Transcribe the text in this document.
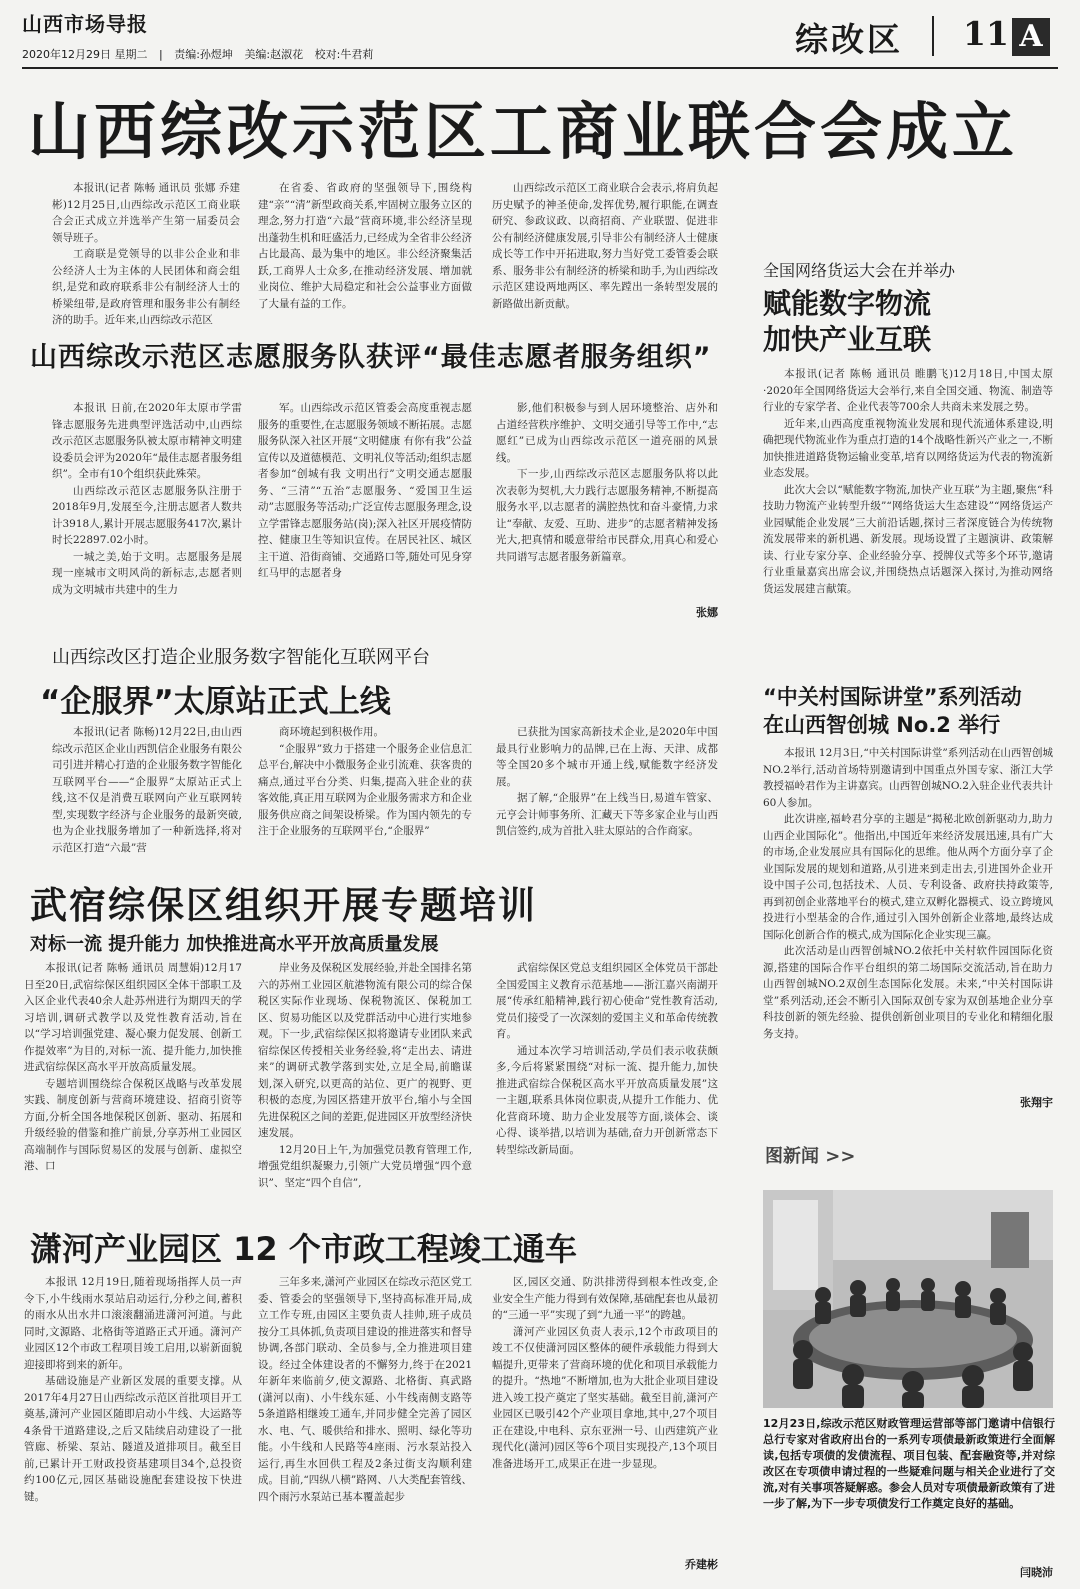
山西市场导报
2020年12月29日 星期二 | 责编:孙煜坤 美编:赵淑花 校对:牛君莉	综改区 11 A
山西综改示范区工商业联合会成立

本报讯(记者 陈畅 通讯员 张娜 乔建彬)12月25日,山西综改示范区工商业联合会正式成立并选举产生第一届委员会领导班子。

工商联是党领导的以非公企业和非公经济人士为主体的人民团体和商会组织,是党和政府联系非公有制经济人士的桥梁纽带,是政府管理和服务非公有制经济的助手。近年来,山西综改示范区

在省委、省政府的坚强领导下,围绕构建“亲”“清”新型政商关系,牢固树立服务立区的理念,努力打造“六最”营商环境,非公经济呈现出蓬勃生机和旺盛活力,已经成为全省非公经济占比最高、最为集中的地区。非公经济聚集活跃,工商界人士众多,在推动经济发展、增加就业岗位、维护大局稳定和社会公益事业方面做了大量有益的工作。

山西综改示范区工商业联合会表示,将肩负起历史赋予的神圣使命,发挥优势,履行职能,在调查研究、参政议政、以商招商、产业联盟、促进非公有制经济健康发展,引导非公有制经济人士健康成长等工作中开拓进取,努力当好党工委管委会联系、服务非公有制经济的桥梁和助手,为山西综改示范区建设两地两区、率先蹚出一条转型发展的新路做出新贡献。

山西综改示范区志愿服务队获评“最佳志愿者服务组织”

本报讯 日前,在2020年太原市学雷锋志愿服务先进典型评选活动中,山西综改示范区志愿服务队被太原市精神文明建设委员会评为2020年“最佳志愿者服务组织”。全市有10个组织获此殊荣。

山西综改示范区志愿服务队注册于2018年9月,发展至今,注册志愿者人数共计3918人,累计开展志愿服务417次,累计时长22897.02小时。

一城之美,始于文明。志愿服务是展现一座城市文明风尚的新标志,志愿者则成为文明城市共建中的生力

军。山西综改示范区管委会高度重视志愿服务的重要性,在志愿服务领域不断拓展。志愿服务队深入社区开展“文明健康 有你有我”公益宣传以及道德模范、文明礼仪等活动;组织志愿者参加“创城有我 文明出行”文明交通志愿服务、“三清”“五治”志愿服务、“爱国卫生运动”志愿服务等活动;广泛宣传志愿服务理念,设立学雷锋志愿服务站(岗);深入社区开展疫情防控、健康卫生等知识宣传。在居民社区、城区主干道、沿街商铺、交通路口等,随处可见身穿红马甲的志愿者身

影,他们积极参与到人居环境整治、店外和占道经营秩序维护、文明交通引导等工作中,“志愿红”已成为山西综改示范区一道亮丽的风景线。

下一步,山西综改示范区志愿服务队将以此次表彰为契机,大力践行志愿服务精神,不断提高服务水平,以志愿者的满腔热忱和奋斗豪情,力求让“奉献、友爱、互助、进步”的志愿者精神发扬光大,把真情和暖意带给市民群众,用真心和爱心共同谱写志愿者服务新篇章。

张娜
山西综改区打造企业服务数字智能化互联网平台
“企服界”太原站正式上线

本报讯(记者 陈畅)12月22日,由山西综改示范区企业山西凯信企业服务有限公司引进并精心打造的企业服务数字智能化互联网平台——“企服界”太原站正式上线,这不仅是消费互联网向产业互联网转型,实现数字经济与企业服务的最新突破,也为企业找服务增加了一种新选择,将对示范区打造“六最”营

商环境起到积极作用。

“企服界”致力于搭建一个服务企业信息汇总平台,解决中小微服务企业引流难、获客贵的痛点,通过平台分类、归集,提高入驻企业的获客效能,真正用互联网为企业服务需求方和企业服务供应商之间架设桥梁。作为国内领先的专注于企业服务的互联网平台,“企服界”

已获批为国家高新技术企业,是2020年中国最具行业影响力的品牌,已在上海、天津、成都等全国20多个城市开通上线,赋能数字经济发展。

据了解,“企服界”在上线当日,易道车管家、元亨会计师事务所、汇藏天下等多家企业与山西凯信签约,成为首批入驻太原站的合作商家。

武宿综保区组织开展专题培训
对标一流 提升能力 加快推进高水平开放高质量发展

本报讯(记者 陈畅 通讯员 周慧娟)12月17日至20日,武宿综保区组织园区全体干部职工及入区企业代表40余人赴苏州进行为期四天的学习培训,调研式教学以及党性教育活动,旨在以“学习培训强党建、凝心聚力促发展、创新工作提效率”为目的,对标一流、提升能力,加快推进武宿综保区高水平开放高质量发展。

专题培训围绕综合保税区战略与改革发展实践、制度创新与营商环境建设、招商引资等方面,分析全国各地保税区创新、驱动、拓展和升级经验的借鉴和推广前景,分享苏州工业园区高端制作与国际贸易区的发展与创新、虚拟空港、口

岸业务及保税区发展经验,并赴全国排名第六的苏州工业园区航港物流有限公司的综合保税区实际作业现场、保税物流区、保税加工区、贸易功能区以及党群活动中心进行实地参观。下一步,武宿综保区拟将邀请专业团队来武宿综保区传授相关业务经验,将“走出去、请进来”的调研式教学落到实处,立足全局,前瞻谋划,深入研究,以更高的站位、更广的视野、更积极的态度,为园区搭建开放平台,缩小与全国先进保税区之间的差距,促进园区开放型经济快速发展。

12月20日上午,为加强党员教育管理工作,增强党组织凝聚力,引领广大党员增强“四个意识”、坚定“四个自信”,

武宿综保区党总支组织园区全体党员干部赴全国爱国主义教育示范基地——浙江嘉兴南湖开展“传承红船精神,践行初心使命”党性教育活动,党员们接受了一次深刻的爱国主义和革命传统教育。

通过本次学习培训活动,学员们表示收获颇多,今后将紧紧围绕“对标一流、提升能力,加快推进武宿综合保税区高水平开放高质量发展”这一主题,联系具体岗位职责,从提升工作能力、优化营商环境、助力企业发展等方面,谈体会、谈心得、谈举措,以培训为基础,奋力开创新常态下转型综改新局面。

潇河产业园区 12 个市政工程竣工通车

本报讯 12月19日,随着现场指挥人员一声令下,小牛线雨水泵站启动运行,分秒之间,蓄积的雨水从出水井口滚滚翻涌进潇河河道。与此同时,文源路、北格街等道路正式开通。潇河产业园区12个市政工程项目竣工启用,以崭新面貌迎接即将到来的新年。

基础设施是产业新区发展的重要支撑。从2017年4月27日山西综改示范区首批项目开工奠基,潇河产业园区随即启动小牛线、大运路等4条骨干道路建设,之后又陆续启动建设了一批管廊、桥梁、泵站、隧道及道排项目。截至目前,已累计开工财政投资基建项目34个,总投资约100亿元,园区基础设施配套建设按下快进键。

三年多来,潇河产业园区在综改示范区党工委、管委会的坚强领导下,坚持高标准开局,成立工作专班,由园区主要负责人挂帅,班子成员按分工具体抓,负责项目建设的推进落实和督导协调,各部门联动、全员参与,全力推进项目建设。经过全体建设者的不懈努力,终于在2021年新年来临前夕,使文源路、北格街、真武路(潇河以南)、小牛线东延、小牛线南侧支路等5条道路相继竣工通车,并同步健全完善了园区水、电、气、暖供给和排水、照明、绿化等功能。小牛线和人民路等4座雨、污水泵站投入运行,再生水回供工程及2条过街支沟顺利建成。目前,“四纵八横”路网、八大类配套管线、四个雨污水泵站已基本覆盖起步

区,园区交通、防洪排涝得到根本性改变,企业安全生产能力得到有效保障,基础配套也从最初的“三通一平”实现了到“九通一平”的跨越。

潇河产业园区负责人表示,12个市政项目的竣工不仅使潇河园区整体的硬件承载能力得到大幅提升,更带来了营商环境的优化和项目承载能力的提升。“热地”不断增加,也为大批企业项目建设进入竣工投产奠定了坚实基础。截至目前,潇河产业园区已吸引42个产业项目拿地,其中,27个项目正在建设,中电科、京东亚洲一号、山西建筑产业现代化(潇河)园区等6个项目实现投产,13个项目准备进场开工,成果正在进一步显现。

乔建彬
全国网络货运大会在并举办
赋能数字物流
加快产业互联

本报讯(记者 陈畅 通讯员 睢鹏飞)12月18日,中国太原·2020年全国网络货运大会举行,来自全国交通、物流、制造等行业的专家学者、企业代表等700余人共商未来发展之势。

近年来,山西高度重视物流业发展和现代流通体系建设,明确把现代物流业作为重点打造的14个战略性新兴产业之一,不断加快推进道路货物运输业变革,培育以网络货运为代表的物流新业态发展。

此次大会以“赋能数字物流,加快产业互联”为主题,聚焦“科技助力物流产业转型升级”“网络货运大生态建设”“网络货运产业园赋能企业发展”三大前沿话题,探讨三者深度链合为传统物流发展带来的新机遇、新发展。现场设置了主题演讲、政策解读、行业专家分享、企业经验分享、授牌仪式等多个环节,邀请行业重量嘉宾出席会议,并围绕热点话题深入探讨,为推动网络货运发展建言献策。

“中关村国际讲堂”系列活动
在山西智创城 No.2 举行

本报讯 12月3日,“中关村国际讲堂”系列活动在山西智创城NO.2举行,活动首场特别邀请到中国重点外国专家、浙江大学教授福岭君作为主讲嘉宾。山西智创城NO.2入驻企业代表共计60人参加。

此次讲座,福岭君分享的主题是“揭秘北欧创新驱动力,助力山西企业国际化”。他指出,中国近年来经济发展迅速,具有广大的市场,企业发展应具有国际化的思维。他从两个方面分享了企业国际发展的规划和道路,从引进来到走出去,引进国外企业开设中国子公司,包括技术、人员、专利设备、政府扶持政策等,再到初创企业落地平台的模式,建立双孵化器模式、设立跨境风投进行小型基金的合作,通过引入国外创新企业落地,最终达成国际化创新合作的模式,成为国际化企业实现三赢。

此次活动是山西智创城NO.2依托中关村软件园国际化资源,搭建的国际合作平台组织的第二场国际交流活动,旨在助力山西智创城NO.2双创生态国际化发展。未来,“中关村国际讲堂”系列活动,还会不断引入国际双创专家为双创基地企业分享科技创新的领先经验、提供创新创业项目的专业化和精细化服务支持。

张翔宇
图新闻 >>
12月23日,综改示范区财政管理运营部等部门邀请中信银行总行专家对省政府出台的一系列专项债最新政策进行全面解读,包括专项债的发债流程、项目包装、配套融资等,并对综改区在专项债申请过程的一些疑难问题与相关企业进行了交流,对有关事项答疑解惑。参会人员对专项债最新政策有了进一步了解,为下一步专项债发行工作奠定良好的基础。
闫晓沛
